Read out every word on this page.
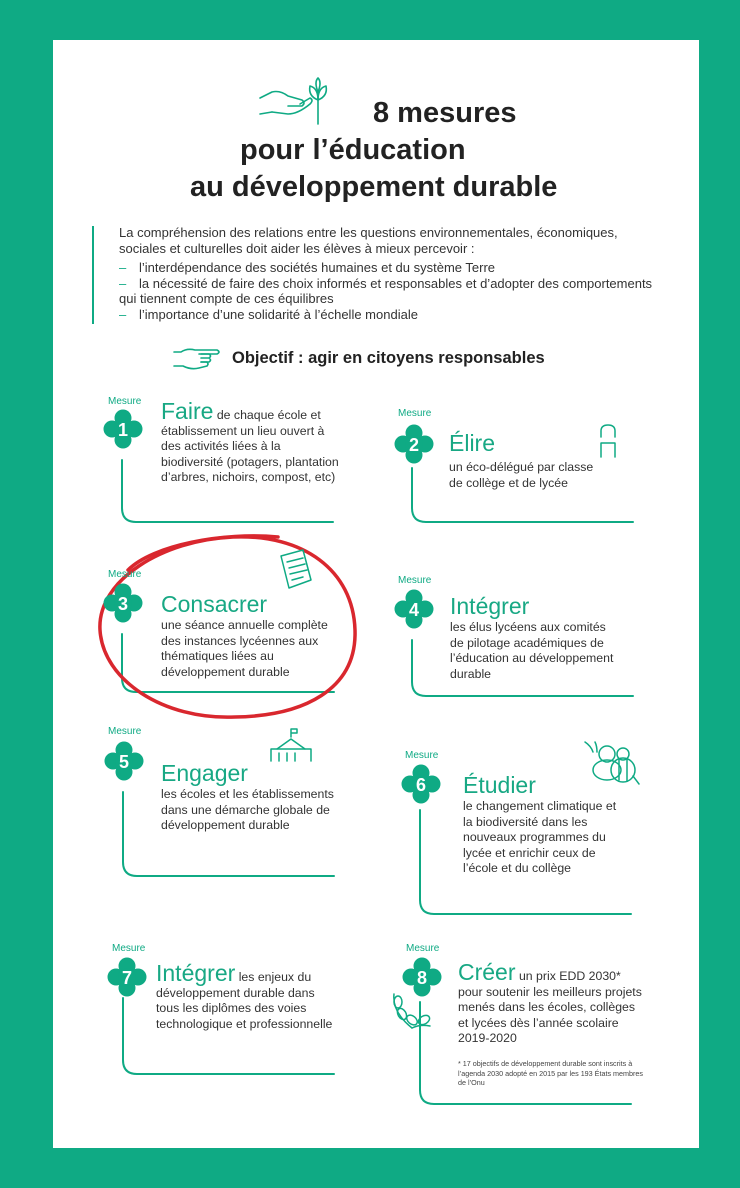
8 mesures
pour l’éducation
au développement durable
La compréhension des relations entre les questions environnementales, économiques, sociales et culturelles doit aider les élèves à mieux percevoir :
– l’interdépendance des sociétés humaines et du système Terre
– la nécessité de faire des choix informés et responsables et d’adopter des comportements qui tiennent compte de ces équilibres
– l’importance d’une solidarité à l’échelle mondiale
Objectif : agir en citoyens responsables
Mesure
1
Faire de chaque école et établissement un lieu ouvert à des activités liées à la biodiversité (potagers, plantation d’arbres, nichoirs, compost, etc)
Mesure
2 Élire
un éco-délégué par classe de collège et de lycée
Mesure
3 Consacrer
une séance annuelle complète des instances lycéennes aux thématiques liées au développement durable
Mesure
4 Intégrer
les élus lycéens aux comités de pilotage académiques de l’éducation au développement durable
Mesure
5 Engager
les écoles et les établissements dans une démarche globale de développement durable
Mesure
6 Étudier
le changement climatique et la biodiversité dans les nouveaux programmes du lycée et enrichir ceux de l’école et du collège
Mesure
7 Intégrer les enjeux du développement durable dans tous les diplômes des voies technologique et professionnelle
Mesure
8 Créer un prix EDD 2030* pour soutenir les meilleurs projets menés dans les écoles, collèges et lycées dès l’année scolaire 2019-2020
* 17 objectifs de développement durable sont inscrits à l’agenda 2030 adopté en 2015 par les 193 États membres de l’Onu
